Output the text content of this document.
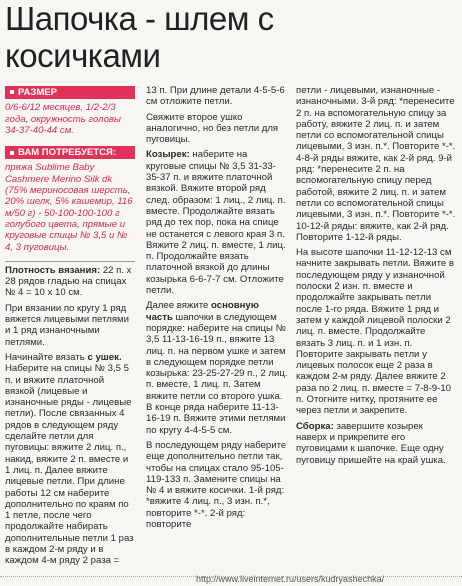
Шапочка - шлем с косичками
РАЗМЕР

0/6-6/12 месяцев, 1/2-2/3 года, окружность головы 34-37-40-44 см.

ВАМ ПОТРЕБУЕТСЯ:

пряжа Sublime Baby Cashmere Merino Silk dk (75% мериносовая шерсть, 20% шелк, 5% кашемир, 116 м/50 г) - 50-100-100-100 г голубого цвета, прямые и круговые спицы № 3,5 и № 4, 3 пуговицы.

Плотность вязания: 22 п. х 28 рядов гладью на спицах № 4 = 10 х 10 см.

При вязании по кругу 1 ряд вяжется лицевыми петлями и 1 ряд изнаночными петлями.

Начинайте вязать с ушек. Наберите на спицы № 3,5 5 п. и вяжите платочной вязкой (лицевые и изнаночные ряды - лицевые петли). После связанных 4 рядов в следующем ряду сделайте петли для пуговицы: вяжите 2 лиц. п., накид, вяжите 2 п. вместе и 1 лиц. п. Далее вяжите лицевые петли. При длине работы 12 см наберите дополнительно по краям по 1 петле, после чего продолжайте набирать дополнительные петли 1 раз в каждом 2-м ряду и в каждом 4-м ряду 2 раза =

13 п. При длине детали 4-5-5-6 см отложите петли.

Свяжите второе ушко аналогично, но без петли для пуговицы.

Козырек: наберите на круговые спицы № 3,5 31-33-35-37 п. и вяжите платочной вязкой. Вяжите второй ряд след. образом: 1 лиц., 2 лиц. п. вместе. Продолжайте вязать ряд до тех пор, пока на спице не останется с левого края 3 п. Вяжите 2 лиц. п. вместе, 1 лиц. п. Продолжайте вязать платочной вязкой до длины козырька 6-6-7-7 см. Отложите петли.

Далее вяжите основную часть шапочки в следующем порядке: наберите на спицы № 3,5 11-13-16-19 п., вяжите 13 лиц. п. на первом ушке и затем в следующем порядке петли козырька: 23-25-27-29 п., 2 лиц. п. вместе, 1 лиц. п. Затем вяжите петли со второго ушка. В конце ряда наберите 11-13-16-19 п. Вяжите этими петлями по кругу 4-4-5-5 см.

В последующем ряду наберите еще дополнительно петли так, чтобы на спицах стало 95-105-119-133 п. Замените спицы на № 4 и вяжите косички. 1-й ряд: *вяжите 4 лиц. п., 3 изн. п.*, повторите *-*. 2-й ряд: повторите

петли - лицевыми, изнаночные - изнаночными. 3-й ряд: *перенесите 2 п. на вспомогательную спицу за работу, вяжите 2 лиц. п. и затем петли со вспомогательной спицы лицевыми, 3 изн. п.*. Повторите *-*. 4-8-й ряды вяжите, как 2-й ряд. 9-й ряд: *перенесите 2 п. на вспомогательную спицу перед работой, вяжите 2 лиц. п. и затем петли со вспомогательной спицы лицевыми, 3 изн. п.*. Повторите *-*. 10-12-й ряды: вяжите, как 2-й ряд. Повторите 1-12-й ряды.

На высоте шапочки 11-12-12-13 см начните закрывать петли. Вяжите в последующем ряду у изнаночной полоски 2 изн. п. вместе и продолжайте закрывать петли после 1-го ряда. Вяжите 1 ряд и затем у каждой лицевой полоски 2 лиц. п. вместе. Продолжайте вязать 3 лиц. п. и 1 изн. п. Повторите закрывать петли у лицевых полосок еще 2 раза в каждом 2-м ряду. Далее вяжите 2 раза по 2 лиц. п. вместе = 7-8-9-10 п. Отогните нитку, протяните ее через петли и закрепите.

Сборка: завершите козырек наверх и прикрепите его пуговицами к шапочке. Еще одну пуговицу пришейте на край ушка.

http://www.liveinternet.ru/users/kudryashechka/
